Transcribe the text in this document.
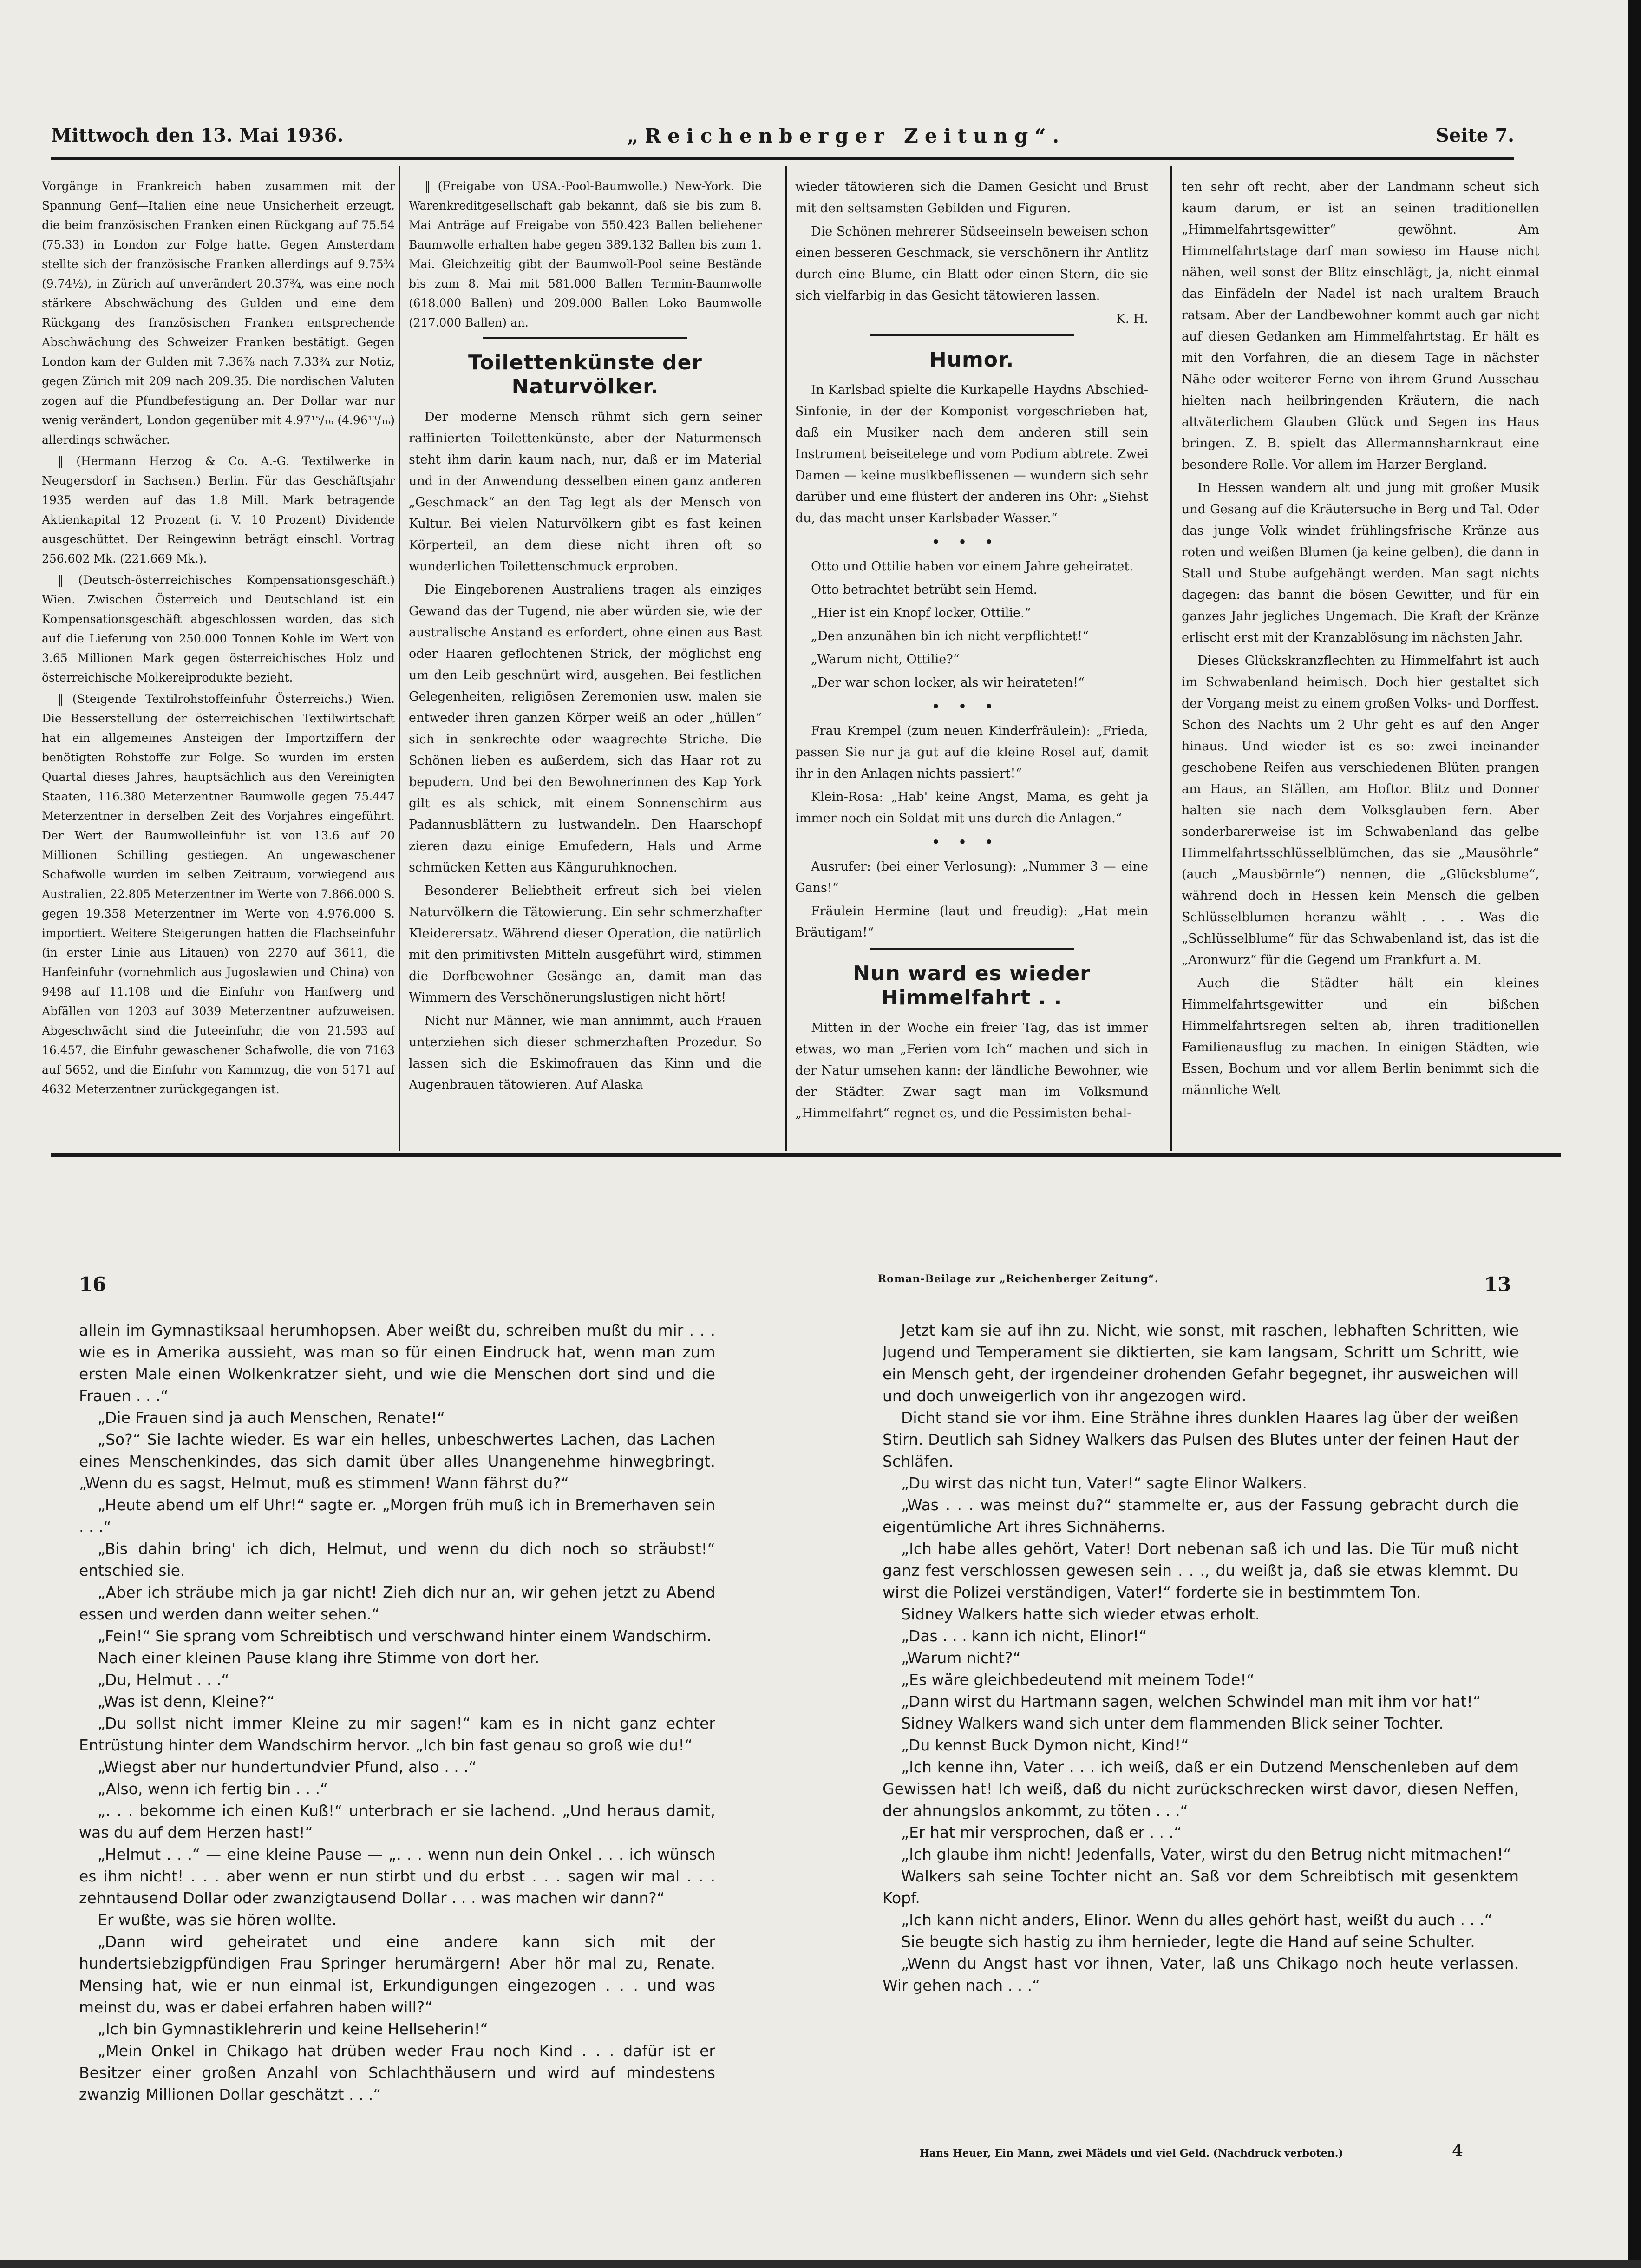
Mittwoch den 13. Mai 1936.	„Reichenberger Zeitung“.	Seite 7.

Vorgänge in Frankreich haben zusammen mit der Spannung Genf—Italien eine neue Unsicherheit erzeugt, die beim französischen Franken einen Rückgang auf 75.54 (75.33) in London zur Folge hatte. Gegen Amsterdam stellte sich der französische Franken allerdings auf 9.75¾ (9.74½), in Zürich auf unverändert 20.37¾, was eine noch stärkere Abschwächung des Gulden und eine dem Rückgang des französischen Franken entsprechende Abschwächung des Schweizer Franken bestätigt. Gegen London kam der Gulden mit 7.36⅞ nach 7.33¾ zur Notiz, gegen Zürich mit 209 nach 209.35. Die nordischen Valuten zogen auf die Pfundbefestigung an. Der Dollar war nur wenig verändert, London gegenüber mit 4.97¹⁵/₁₆ (4.96¹³/₁₆) allerdings schwächer.

‖ (Hermann Herzog & Co. A.-G. Textilwerke in Neugersdorf in Sachsen.) Berlin. Für das Geschäftsjahr 1935 werden auf das 1.8 Mill. Mark betragende Aktienkapital 12 Prozent (i. V. 10 Prozent) Dividende ausgeschüttet. Der Reingewinn beträgt einschl. Vortrag 256.602 Mk. (221.669 Mk.).

‖ (Deutsch-österreichisches Kompensationsgeschäft.) Wien. Zwischen Österreich und Deutschland ist ein Kompensationsgeschäft abgeschlossen worden, das sich auf die Lieferung von 250.000 Tonnen Kohle im Wert von 3.65 Millionen Mark gegen österreichisches Holz und österreichische Molkereiprodukte bezieht.

‖ (Steigende Textilrohstoffeinfuhr Österreichs.) Wien. Die Besserstellung der österreichischen Textilwirtschaft hat ein allgemeines Ansteigen der Importziffern der benötigten Rohstoffe zur Folge. So wurden im ersten Quartal dieses Jahres, hauptsächlich aus den Vereinigten Staaten, 116.380 Meterzentner Baumwolle gegen 75.447 Meterzentner in derselben Zeit des Vorjahres eingeführt. Der Wert der Baumwolleinfuhr ist von 13.6 auf 20 Millionen Schilling gestiegen. An ungewaschener Schafwolle wurden im selben Zeitraum, vorwiegend aus Australien, 22.805 Meterzentner im Werte von 7.866.000 S. gegen 19.358 Meterzentner im Werte von 4.976.000 S. importiert. Weitere Steigerungen hatten die Flachseinfuhr (in erster Linie aus Litauen) von 2270 auf 3611, die Hanfeinfuhr (vornehmlich aus Jugoslawien und China) von 9498 auf 11.108 und die Einfuhr von Hanfwerg und Abfällen von 1203 auf 3039 Meterzentner aufzuweisen. Abgeschwächt sind die Juteeinfuhr, die von 21.593 auf 16.457, die Einfuhr gewaschener Schafwolle, die von 7163 auf 5652, und die Einfuhr von Kammzug, die von 5171 auf 4632 Meterzentner zurückgegangen ist.

‖ (Freigabe von USA.-Pool-Baumwolle.) New-York. Die Warenkreditgesellschaft gab bekannt, daß sie bis zum 8. Mai Anträge auf Freigabe von 550.423 Ballen beliehener Baumwolle erhalten habe gegen 389.132 Ballen bis zum 1. Mai. Gleichzeitig gibt der Baumwoll-Pool seine Bestände bis zum 8. Mai mit 581.000 Ballen Termin-Baumwolle (618.000 Ballen) und 209.000 Ballen Loko Baumwolle (217.000 Ballen) an.

Toilettenkünste der Naturvölker.

Der moderne Mensch rühmt sich gern seiner raffinierten Toilettenkünste, aber der Naturmensch steht ihm darin kaum nach, nur, daß er im Material und in der Anwendung desselben einen ganz anderen „Geschmack“ an den Tag legt als der Mensch von Kultur. Bei vielen Naturvölkern gibt es fast keinen Körperteil, an dem diese nicht ihren oft so wunderlichen Toilettenschmuck erproben.

Die Eingeborenen Australiens tragen als einziges Gewand das der Tugend, nie aber würden sie, wie der australische Anstand es erfordert, ohne einen aus Bast oder Haaren geflochtenen Strick, der möglichst eng um den Leib geschnürt wird, ausgehen. Bei festlichen Gelegenheiten, religiösen Zeremonien usw. malen sie entweder ihren ganzen Körper weiß an oder „hüllen“ sich in senkrechte oder waagrechte Striche. Die Schönen lieben es außerdem, sich das Haar rot zu bepudern. Und bei den Bewohnerinnen des Kap York gilt es als schick, mit einem Sonnenschirm aus Padannusblättern zu lustwandeln. Den Haarschopf zieren dazu einige Emufedern, Hals und Arme schmücken Ketten aus Känguruhknochen.

Besonderer Beliebtheit erfreut sich bei vielen Naturvölkern die Tätowierung. Ein sehr schmerzhafter Kleiderersatz. Während dieser Operation, die natürlich mit den primitivsten Mitteln ausgeführt wird, stimmen die Dorfbewohner Gesänge an, damit man das Wimmern des Verschönerungslustigen nicht hört!

Nicht nur Männer, wie man annimmt, auch Frauen unterziehen sich dieser schmerzhaften Prozedur. So lassen sich die Eskimofrauen das Kinn und die Augenbrauen tätowieren. Auf Alaska

wieder tätowieren sich die Damen Gesicht und Brust mit den seltsamsten Gebilden und Figuren.

Die Schönen mehrerer Südseeinseln beweisen schon einen besseren Geschmack, sie verschönern ihr Antlitz durch eine Blume, ein Blatt oder einen Stern, die sie sich vielfarbig in das Gesicht tätowieren lassen.

K. H.

Humor.

In Karlsbad spielte die Kurkapelle Haydns Abschied-Sinfonie, in der der Komponist vorgeschrieben hat, daß ein Musiker nach dem anderen still sein Instrument beiseitelege und vom Podium abtrete. Zwei Damen — keine musikbeflissenen — wundern sich sehr darüber und eine flüstert der anderen ins Ohr: „Siehst du, das macht unser Karlsbader Wasser.“

•••

Otto und Ottilie haben vor einem Jahre geheiratet.

Otto betrachtet betrübt sein Hemd.

„Hier ist ein Knopf locker, Ottilie.“

„Den anzunähen bin ich nicht verpflichtet!“

„Warum nicht, Ottilie?“

„Der war schon locker, als wir heirateten!“

•••

Frau Krempel (zum neuen Kinderfräulein): „Frieda, passen Sie nur ja gut auf die kleine Rosel auf, damit ihr in den Anlagen nichts passiert!“

Klein-Rosa: „Hab' keine Angst, Mama, es geht ja immer noch ein Soldat mit uns durch die Anlagen.“

•••

Ausrufer: (bei einer Verlosung): „Nummer 3 — eine Gans!“

Fräulein Hermine (laut und freudig): „Hat mein Bräutigam!“

Nun ward es wieder Himmelfahrt . .

Mitten in der Woche ein freier Tag, das ist immer etwas, wo man „Ferien vom Ich“ machen und sich in der Natur umsehen kann: der ländliche Bewohner, wie der Städter. Zwar sagt man im Volksmund „Himmelfahrt“ regnet es, und die Pessimisten behal-

ten sehr oft recht, aber der Landmann scheut sich kaum darum, er ist an seinen traditionellen „Himmelfahrtsgewitter“ gewöhnt. Am Himmelfahrtstage darf man sowieso im Hause nicht nähen, weil sonst der Blitz einschlägt, ja, nicht einmal das Einfädeln der Nadel ist nach uraltem Brauch ratsam. Aber der Landbewohner kommt auch gar nicht auf diesen Gedanken am Himmelfahrtstag. Er hält es mit den Vorfahren, die an diesem Tage in nächster Nähe oder weiterer Ferne von ihrem Grund Ausschau hielten nach heilbringenden Kräutern, die nach altväterlichem Glauben Glück und Segen ins Haus bringen. Z. B. spielt das Allermannsharnkraut eine besondere Rolle. Vor allem im Harzer Bergland.

In Hessen wandern alt und jung mit großer Musik und Gesang auf die Kräutersuche in Berg und Tal. Oder das junge Volk windet frühlingsfrische Kränze aus roten und weißen Blumen (ja keine gelben), die dann in Stall und Stube aufgehängt werden. Man sagt nichts dagegen: das bannt die bösen Gewitter, und für ein ganzes Jahr jegliches Ungemach. Die Kraft der Kränze erlischt erst mit der Kranzablösung im nächsten Jahr.

Dieses Glückskranzflechten zu Himmelfahrt ist auch im Schwabenland heimisch. Doch hier gestaltet sich der Vorgang meist zu einem großen Volks- und Dorffest. Schon des Nachts um 2 Uhr geht es auf den Anger hinaus. Und wieder ist es so: zwei ineinander geschobene Reifen aus verschiedenen Blüten prangen am Haus, an Ställen, am Hoftor. Blitz und Donner halten sie nach dem Volksglauben fern. Aber sonderbarerweise ist im Schwabenland das gelbe Himmelfahrtsschlüsselblümchen, das sie „Mausöhrle“ (auch „Mausbörnle“) nennen, die „Glücksblume“, während doch in Hessen kein Mensch die gelben Schlüsselblumen heranzu wählt . . . Was die „Schlüsselblume“ für das Schwabenland ist, das ist die „Aronwurz“ für die Gegend um Frankfurt a. M.

Auch die Städter hält ein kleines Himmelfahrtsgewitter und ein bißchen Himmelfahrtsregen selten ab, ihren traditionellen Familienausflug zu machen. In einigen Städten, wie Essen, Bochum und vor allem Berlin benimmt sich die männliche Welt

16	Roman-Beilage zur „Reichenberger Zeitung“.	13

allein im Gymnastiksaal herumhopsen. Aber weißt du, schreiben mußt du mir . . . wie es in Amerika aussieht, was man so für einen Eindruck hat, wenn man zum ersten Male einen Wolkenkratzer sieht, und wie die Menschen dort sind und die Frauen . . .“

„Die Frauen sind ja auch Menschen, Renate!“

„So?“ Sie lachte wieder. Es war ein helles, unbeschwertes Lachen, das Lachen eines Menschenkindes, das sich damit über alles Unangenehme hinwegbringt. „Wenn du es sagst, Helmut, muß es stimmen! Wann fährst du?“

„Heute abend um elf Uhr!“ sagte er. „Morgen früh muß ich in Bremerhaven sein . . .“

„Bis dahin bring' ich dich, Helmut, und wenn du dich noch so sträubst!“ entschied sie.

„Aber ich sträube mich ja gar nicht! Zieh dich nur an, wir gehen jetzt zu Abend essen und werden dann weiter sehen.“

„Fein!“ Sie sprang vom Schreibtisch und verschwand hinter einem Wandschirm.

Nach einer kleinen Pause klang ihre Stimme von dort her.

„Du, Helmut . . .“

„Was ist denn, Kleine?“

„Du sollst nicht immer Kleine zu mir sagen!“ kam es in nicht ganz echter Entrüstung hinter dem Wandschirm hervor. „Ich bin fast genau so groß wie du!“

„Wiegst aber nur hundertundvier Pfund, also . . .“

„Also, wenn ich fertig bin . . .“

„. . . bekomme ich einen Kuß!“ unterbrach er sie lachend. „Und heraus damit, was du auf dem Herzen hast!“

„Helmut . . .“ — eine kleine Pause — „. . . wenn nun dein Onkel . . . ich wünsch es ihm nicht! . . . aber wenn er nun stirbt und du erbst . . . sagen wir mal . . . zehntausend Dollar oder zwanzigtausend Dollar . . . was machen wir dann?“

Er wußte, was sie hören wollte.

„Dann wird geheiratet und eine andere kann sich mit der hundertsiebzigpfündigen Frau Springer herumärgern! Aber hör mal zu, Renate. Mensing hat, wie er nun einmal ist, Erkundigungen eingezogen . . . und was meinst du, was er dabei erfahren haben will?“

„Ich bin Gymnastiklehrerin und keine Hellseherin!“

„Mein Onkel in Chikago hat drüben weder Frau noch Kind . . . dafür ist er Besitzer einer großen Anzahl von Schlachthäusern und wird auf mindestens zwanzig Millionen Dollar geschätzt . . .“

Jetzt kam sie auf ihn zu. Nicht, wie sonst, mit raschen, lebhaften Schritten, wie Jugend und Temperament sie diktierten, sie kam langsam, Schritt um Schritt, wie ein Mensch geht, der irgendeiner drohenden Gefahr begegnet, ihr ausweichen will und doch unweigerlich von ihr angezogen wird.

Dicht stand sie vor ihm. Eine Strähne ihres dunklen Haares lag über der weißen Stirn. Deutlich sah Sidney Walkers das Pulsen des Blutes unter der feinen Haut der Schläfen.

„Du wirst das nicht tun, Vater!“ sagte Elinor Walkers.

„Was . . . was meinst du?“ stammelte er, aus der Fassung gebracht durch die eigentümliche Art ihres Sichnäherns.

„Ich habe alles gehört, Vater! Dort nebenan saß ich und las. Die Tür muß nicht ganz fest verschlossen gewesen sein . . ., du weißt ja, daß sie etwas klemmt. Du wirst die Polizei verständigen, Vater!“ forderte sie in bestimmtem Ton.

Sidney Walkers hatte sich wieder etwas erholt.

„Das . . . kann ich nicht, Elinor!“

„Warum nicht?“

„Es wäre gleichbedeutend mit meinem Tode!“

„Dann wirst du Hartmann sagen, welchen Schwindel man mit ihm vor hat!“

Sidney Walkers wand sich unter dem flammenden Blick seiner Tochter.

„Du kennst Buck Dymon nicht, Kind!“

„Ich kenne ihn, Vater . . . ich weiß, daß er ein Dutzend Menschenleben auf dem Gewissen hat! Ich weiß, daß du nicht zurückschrecken wirst davor, diesen Neffen, der ahnungslos ankommt, zu töten . . .“

„Er hat mir versprochen, daß er . . .“

„Ich glaube ihm nicht! Jedenfalls, Vater, wirst du den Betrug nicht mitmachen!“

Walkers sah seine Tochter nicht an. Saß vor dem Schreibtisch mit gesenktem Kopf.

„Ich kann nicht anders, Elinor. Wenn du alles gehört hast, weißt du auch . . .“

Sie beugte sich hastig zu ihm hernieder, legte die Hand auf seine Schulter.

„Wenn du Angst hast vor ihnen, Vater, laß uns Chikago noch heute verlassen. Wir gehen nach . . .“

Hans Heuer, Ein Mann, zwei Mädels und viel Geld. (Nachdruck verboten.)	4
